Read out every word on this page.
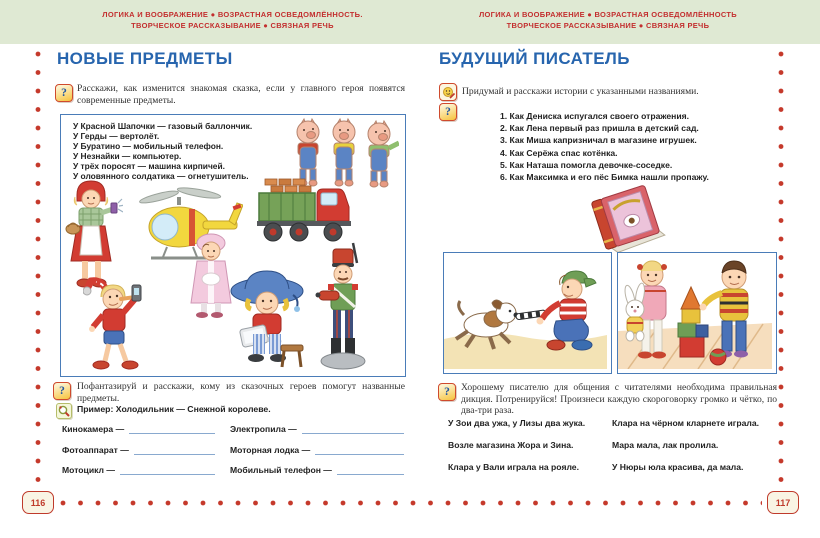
ЛОГИКА И ВООБРАЖЕНИЕ ● ВОЗРАСТНАЯ ОСВЕДОМЛЁННОСТЬ.
ТВОРЧЕСКОЕ РАССКАЗЫВАНИЕ ● СВЯЗНАЯ РЕЧЬ
ЛОГИКА И ВООБРАЖЕНИЕ ● ВОЗРАСТНАЯ ОСВЕДОМЛЁННОСТЬ
ТВОРЧЕСКОЕ РАССКАЗЫВАНИЕ ● СВЯЗНАЯ РЕЧЬ
НОВЫЕ ПРЕДМЕТЫ
? Расскажи, как изменится знакомая сказка, если у главного героя появятся современные предметы.
У Красной Шапочки — газовый баллончик.
У Герды — вертолёт.
У Буратино — мобильный телефон.
У Незнайки — компьютер.
У трёх поросят — машина кирпичей.
У оловянного солдатика — огнетушитель.
? Пофантазируй и расскажи, кому из сказочных героев помогут названные предметы.
Пример: Холодильник — Снежной королеве.
Кинокамера —
Фотоаппарат —
Мотоцикл —
Электропила —
Моторная лодка —
Мобильный телефон —
116
БУДУЩИЙ ПИСАТЕЛЬ
Придумай и расскажи истории с указанными названиями.
?	1. Как Дениска испугался своего отражения.
2. Как Лена первый раз пришла в детский сад.
3. Как Миша капризничал в магазине игрушек.
4. Как Серёжа спас котёнка.
5. Как Наташа помогла девочке-соседке.
6. Как Максимка и его пёс Бимка нашли пропажу.
? Хорошему писателю для общения с читателями необходима правильная дикция. Потренируйся! Произнеси каждую скороговорку громко и чётко, по два-три раза.
У Зои два ужа, у Лизы два жука.
Возле магазина Жора и Зина.
Клара у Вали играла на рояле.
Клара на чёрном кларнете играла.
Мара мала, лак пролила.
У Нюры юла красива, да мала.
117
